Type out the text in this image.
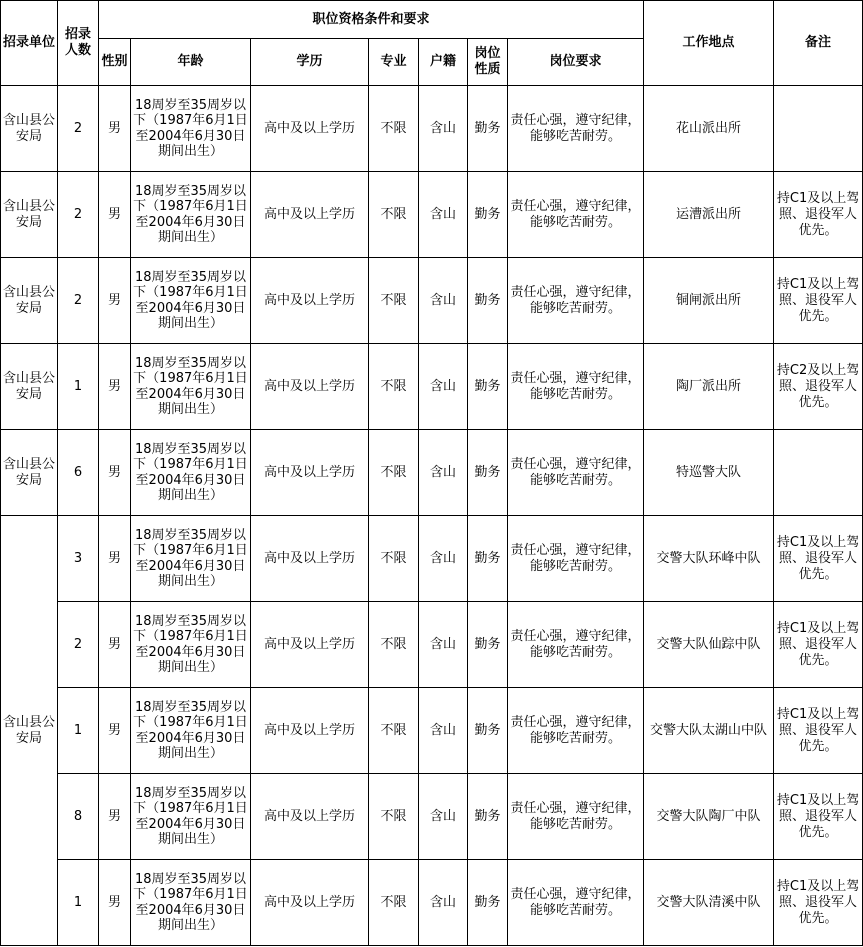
招录单位	招录人数	职位资格条件和要求							工作地点	备注
		性别	年龄	学历	专业	户籍	岗位性质	岗位要求		
含山县公安局	2	男	18周岁至35周岁以下（1987年6月1日至2004年6月30日期间出生）	高中及以上学历	不限	含山	勤务	责任心强，遵守纪律，能够吃苦耐劳。	花山派出所	
含山县公安局	2	男	18周岁至35周岁以下（1987年6月1日至2004年6月30日期间出生）	高中及以上学历	不限	含山	勤务	责任心强，遵守纪律，能够吃苦耐劳。	运漕派出所	持C1及以上驾照、退役军人优先。
含山县公安局	2	男	18周岁至35周岁以下（1987年6月1日至2004年6月30日期间出生）	高中及以上学历	不限	含山	勤务	责任心强，遵守纪律，能够吃苦耐劳。	铜闸派出所	持C1及以上驾照、退役军人优先。
含山县公安局	1	男	18周岁至35周岁以下（1987年6月1日至2004年6月30日期间出生）	高中及以上学历	不限	含山	勤务	责任心强，遵守纪律，能够吃苦耐劳。	陶厂派出所	持C2及以上驾照、退役军人优先。
含山县公安局	6	男	18周岁至35周岁以下（1987年6月1日至2004年6月30日期间出生）	高中及以上学历	不限	含山	勤务	责任心强，遵守纪律，能够吃苦耐劳。	特巡警大队	
含山县公安局	3	男	18周岁至35周岁以下（1987年6月1日至2004年6月30日期间出生）	高中及以上学历	不限	含山	勤务	责任心强，遵守纪律，能够吃苦耐劳。	交警大队环峰中队	持C1及以上驾照、退役军人优先。
	2	男	18周岁至35周岁以下（1987年6月1日至2004年6月30日期间出生）	高中及以上学历	不限	含山	勤务	责任心强，遵守纪律，能够吃苦耐劳。	交警大队仙踪中队	持C1及以上驾照、退役军人优先。
	1	男	18周岁至35周岁以下（1987年6月1日至2004年6月30日期间出生）	高中及以上学历	不限	含山	勤务	责任心强，遵守纪律，能够吃苦耐劳。	交警大队太湖山中队	持C1及以上驾照、退役军人优先。
	8	男	18周岁至35周岁以下（1987年6月1日至2004年6月30日期间出生）	高中及以上学历	不限	含山	勤务	责任心强，遵守纪律，能够吃苦耐劳。	交警大队陶厂中队	持C1及以上驾照、退役军人优先。
	1	男	18周岁至35周岁以下（1987年6月1日至2004年6月30日期间出生）	高中及以上学历	不限	含山	勤务	责任心强，遵守纪律，能够吃苦耐劳。	交警大队清溪中队	持C1及以上驾照、退役军人优先。
